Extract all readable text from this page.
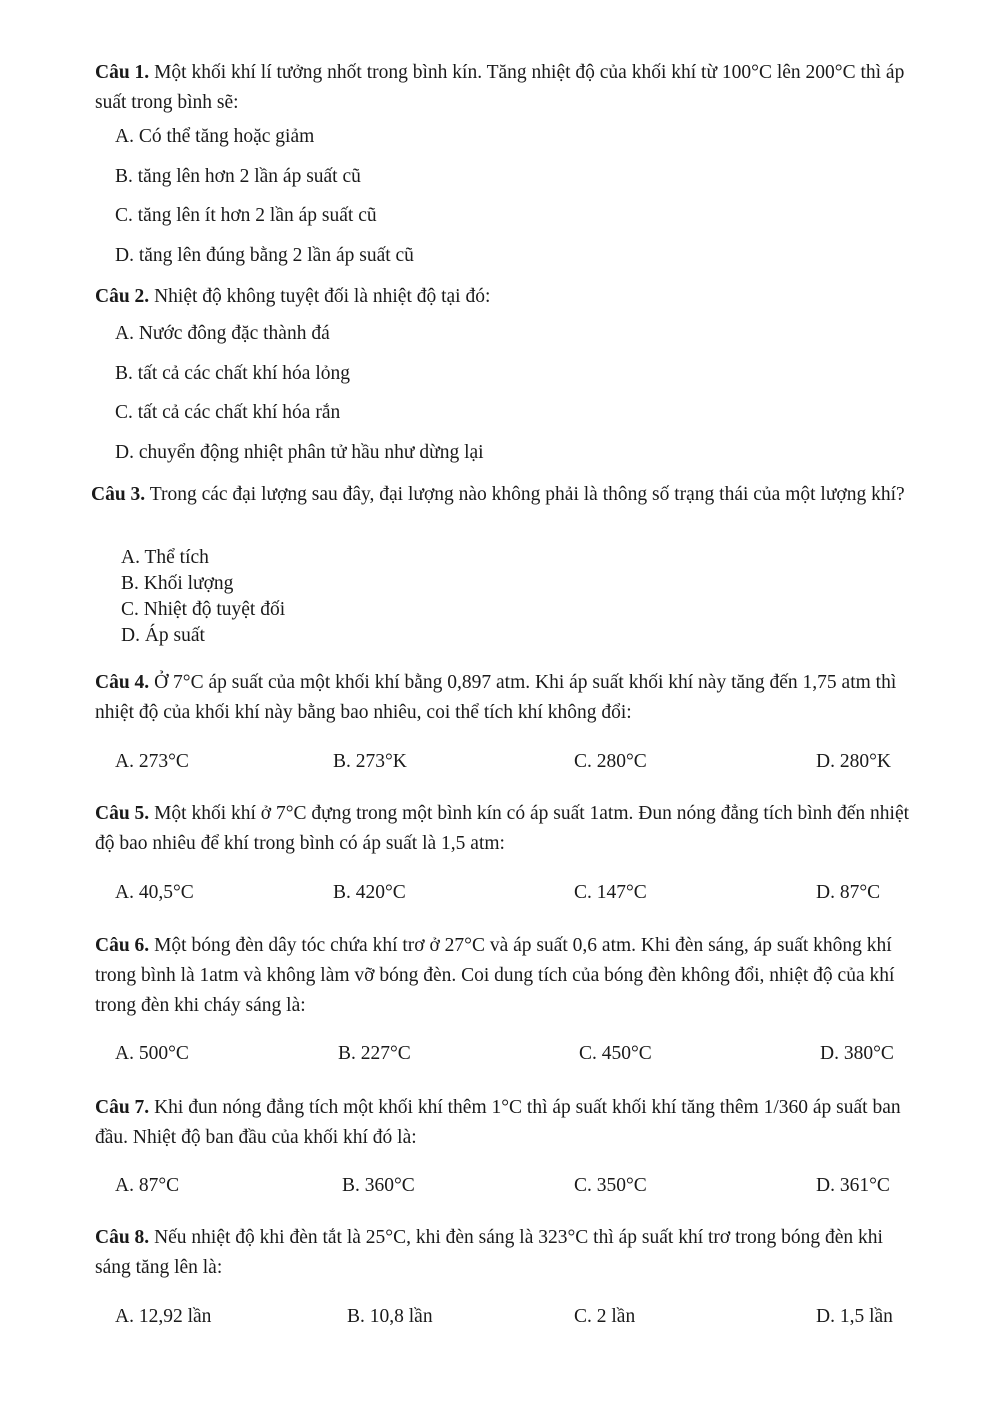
Câu 1. Một khối khí lí tưởng nhốt trong bình kín. Tăng nhiệt độ của khối khí từ 100°C lên 200°C thì áp suất trong bình sẽ:
A. Có thể tăng hoặc giảm
B. tăng lên hơn 2 lần áp suất cũ
C. tăng lên ít hơn 2 lần áp suất cũ
D. tăng lên đúng bằng 2 lần áp suất cũ
Câu 2. Nhiệt độ không tuyệt đối là nhiệt độ tại đó:
A. Nước đông đặc thành đá
B. tất cả các chất khí hóa lỏng
C. tất cả các chất khí hóa rắn
D. chuyển động nhiệt phân tử hầu như dừng lại
Câu 3. Trong các đại lượng sau đây, đại lượng nào không phải là thông số trạng thái của một lượng khí?
A. Thể tích
B. Khối lượng
C. Nhiệt độ tuyệt đối
D. Áp suất
Câu 4. Ở 7°C áp suất của một khối khí bằng 0,897 atm. Khi áp suất khối khí này tăng đến 1,75 atm thì nhiệt độ của khối khí này bằng bao nhiêu, coi thể tích khí không đổi:
A. 273°C	B. 273°K	C. 280°C	D. 280°K
Câu 5. Một khối khí ở 7°C đựng trong một bình kín có áp suất 1atm. Đun nóng đẳng tích bình đến nhiệt độ bao nhiêu để khí trong bình có áp suất là 1,5 atm:
A. 40,5°C	B. 420°C	C. 147°C	D. 87°C
Câu 6. Một bóng đèn dây tóc chứa khí trơ ở 27°C và áp suất 0,6 atm. Khi đèn sáng, áp suất không khí trong bình là 1atm và không làm vỡ bóng đèn. Coi dung tích của bóng đèn không đổi, nhiệt độ của khí trong đèn khi cháy sáng là:
A. 500°C	B. 227°C	C. 450°C	D. 380°C
Câu 7. Khi đun nóng đẳng tích một khối khí thêm 1°C thì áp suất khối khí tăng thêm 1/360 áp suất ban đầu. Nhiệt độ ban đầu của khối khí đó là:
A. 87°C	B. 360°C	C. 350°C	D. 361°C
Câu 8. Nếu nhiệt độ khi đèn tắt là 25°C, khi đèn sáng là 323°C thì áp suất khí trơ trong bóng đèn khi sáng tăng lên là:
A. 12,92 lần	B. 10,8 lần	C. 2 lần	D. 1,5 lần
